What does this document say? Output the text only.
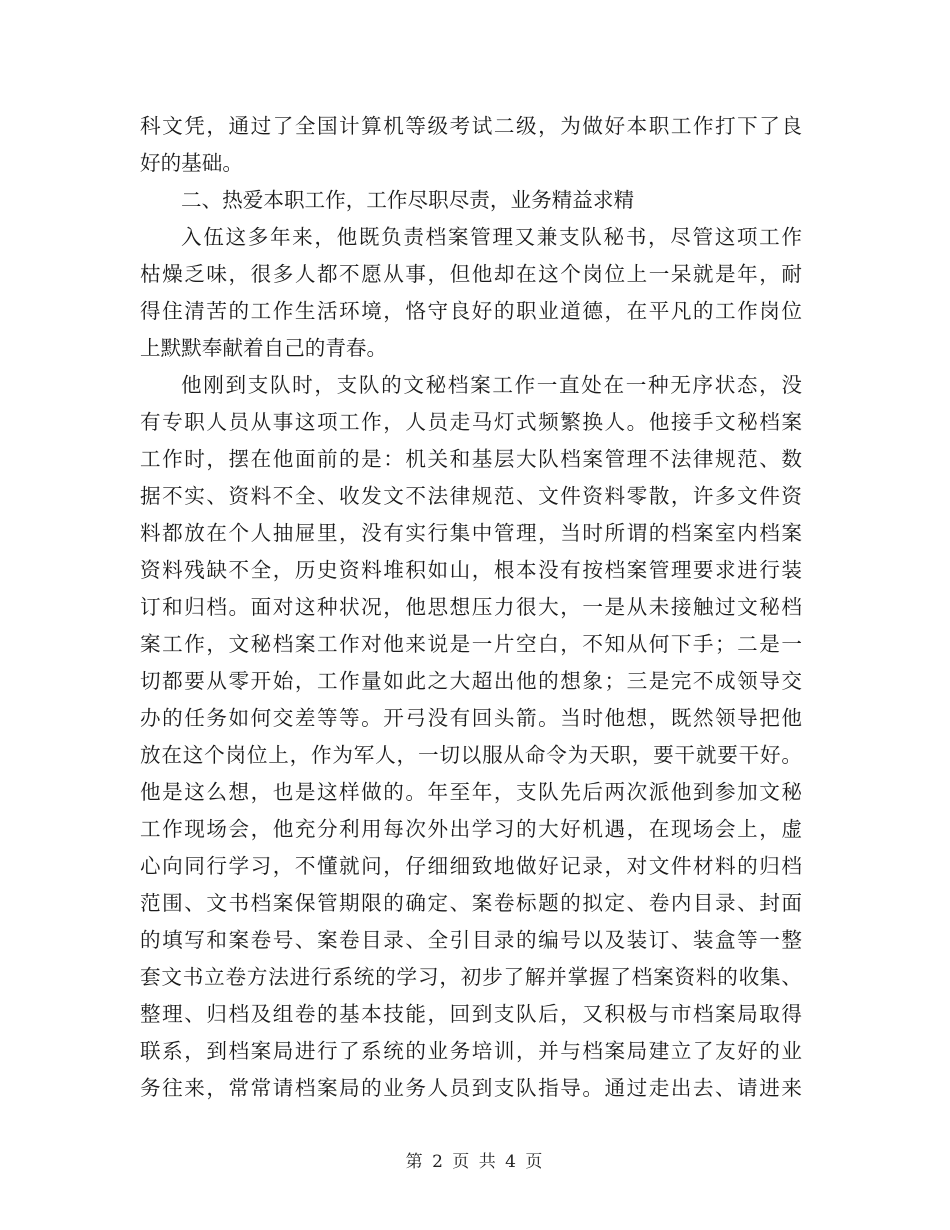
科文凭，通过了全国计算机等级考试二级，为做好本职工作打下了良
好的基础。
二、热爱本职工作，工作尽职尽责，业务精益求精
入伍这多年来，他既负责档案管理又兼支队秘书，尽管这项工作
枯燥乏味，很多人都不愿从事，但他却在这个岗位上一呆就是年，耐
得住清苦的工作生活环境，恪守良好的职业道德，在平凡的工作岗位
上默默奉献着自己的青春。
他刚到支队时，支队的文秘档案工作一直处在一种无序状态，没
有专职人员从事这项工作，人员走马灯式频繁换人。他接手文秘档案
工作时，摆在他面前的是：机关和基层大队档案管理不法律规范、数
据不实、资料不全、收发文不法律规范、文件资料零散，许多文件资
料都放在个人抽屉里，没有实行集中管理，当时所谓的档案室内档案
资料残缺不全，历史资料堆积如山，根本没有按档案管理要求进行装
订和归档。面对这种状况，他思想压力很大，一是从未接触过文秘档
案工作，文秘档案工作对他来说是一片空白，不知从何下手；二是一
切都要从零开始，工作量如此之大超出他的想象；三是完不成领导交
办的任务如何交差等等。开弓没有回头箭。当时他想，既然领导把他
放在这个岗位上，作为军人，一切以服从命令为天职，要干就要干好。
他是这么想，也是这样做的。年至年，支队先后两次派他到参加文秘
工作现场会，他充分利用每次外出学习的大好机遇，在现场会上，虚
心向同行学习，不懂就问，仔细细致地做好记录，对文件材料的归档
范围、文书档案保管期限的确定、案卷标题的拟定、卷内目录、封面
的填写和案卷号、案卷目录、全引目录的编号以及装订、装盒等一整
套文书立卷方法进行系统的学习，初步了解并掌握了档案资料的收集、
整理、归档及组卷的基本技能，回到支队后，又积极与市档案局取得
联系，到档案局进行了系统的业务培训，并与档案局建立了友好的业
务往来，常常请档案局的业务人员到支队指导。通过走出去、请进来
第 2 页 共 4 页
